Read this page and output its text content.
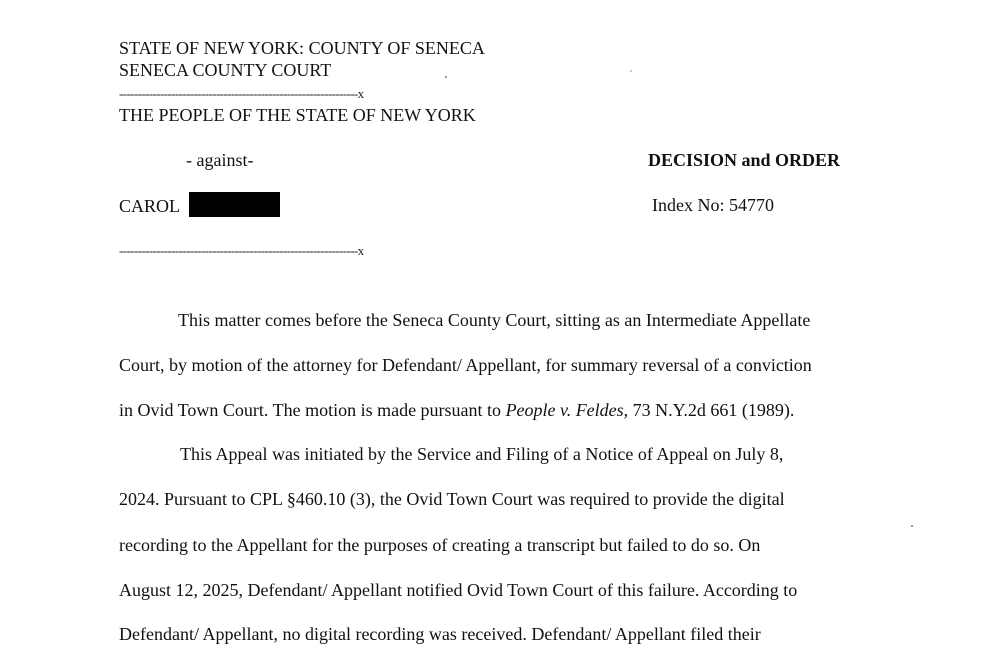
STATE OF NEW YORK: COUNTY OF SENECA
SENECA COUNTY COURT
----------------------------------------------------------------x
THE PEOPLE OF THE STATE OF NEW YORK
- against-	DECISION and ORDER
CAROL	Index No: 54770
----------------------------------------------------------------x
This matter comes before the Seneca County Court, sitting as an Intermediate Appellate
Court, by motion of the attorney for Defendant/ Appellant, for summary reversal of a conviction
in Ovid Town Court. The motion is made pursuant to People v. Feldes, 73 N.Y.2d 661 (1989).
This Appeal was initiated by the Service and Filing of a Notice of Appeal on July 8,
2024. Pursuant to CPL §460.10 (3), the Ovid Town Court was required to provide the digital
recording to the Appellant for the purposes of creating a transcript but failed to do so. On
August 12, 2025, Defendant/ Appellant notified Ovid Town Court of this failure. According to
Defendant/ Appellant, no digital recording was received. Defendant/ Appellant filed their
